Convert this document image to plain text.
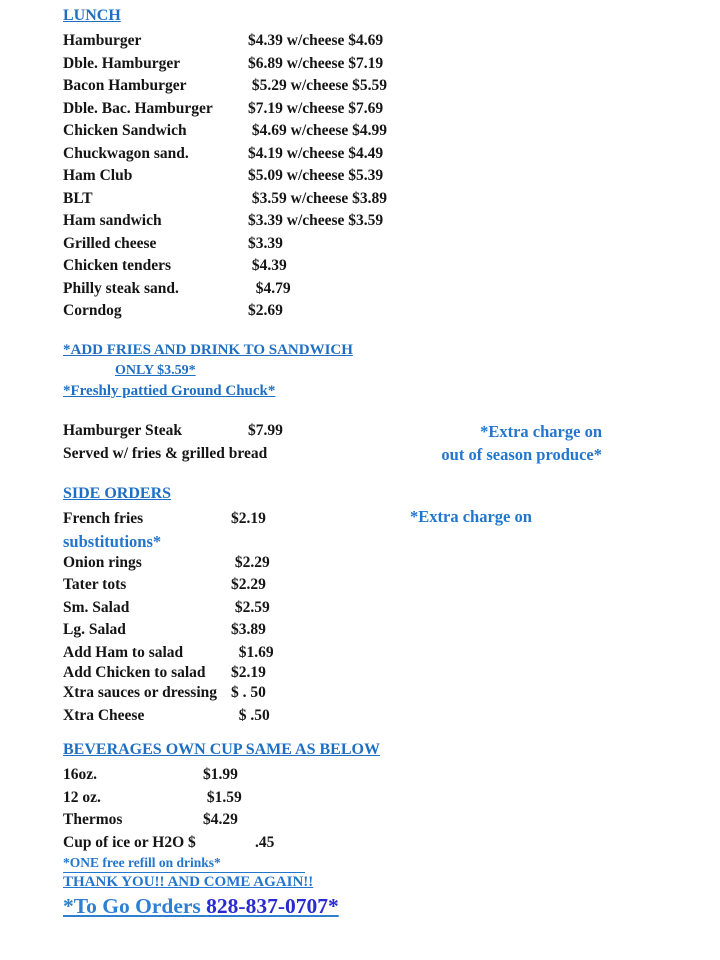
LUNCH
Hamburger	$4.39 w/cheese $4.69
Dble. Hamburger	$6.89 w/cheese $7.19
Bacon Hamburger	$5.29 w/cheese $5.59
Dble. Bac. Hamburger	$7.19 w/cheese $7.69
Chicken Sandwich	$4.69 w/cheese $4.99
Chuckwagon sand.	$4.19 w/cheese $4.49
Ham Club	$5.09 w/cheese $5.39
BLT	$3.59 w/cheese $3.89
Ham sandwich	$3.39 w/cheese $3.59
Grilled cheese	$3.39
Chicken tenders	$4.39
Philly steak sand.	$4.79
Corndog	$2.69
*ADD FRIES AND DRINK TO SANDWICH
ONLY $3.59*
*Freshly pattied Ground Chuck*
Hamburger Steak	$7.99
Served w/ fries & grilled bread
*Extra charge on
out of season produce*
SIDE ORDERS
French fries	$2.19
substitutions*
Onion rings	$2.29
Tater tots	$2.29
Sm. Salad	$2.59
Lg. Salad	$3.89
Add Ham to salad	$1.69
Add Chicken to salad	$2.19
Xtra sauces or dressing $ . 50
Xtra Cheese	$ .50
*Extra charge on
BEVERAGES OWN CUP SAME AS BELOW
16oz.	$1.99
12 oz.	$1.59
Thermos	$4.29
Cup of ice or H2O $	.45
*ONE free refill on drinks*
THANK YOU!! AND COME AGAIN!!
*To Go Orders 828-837-0707*
